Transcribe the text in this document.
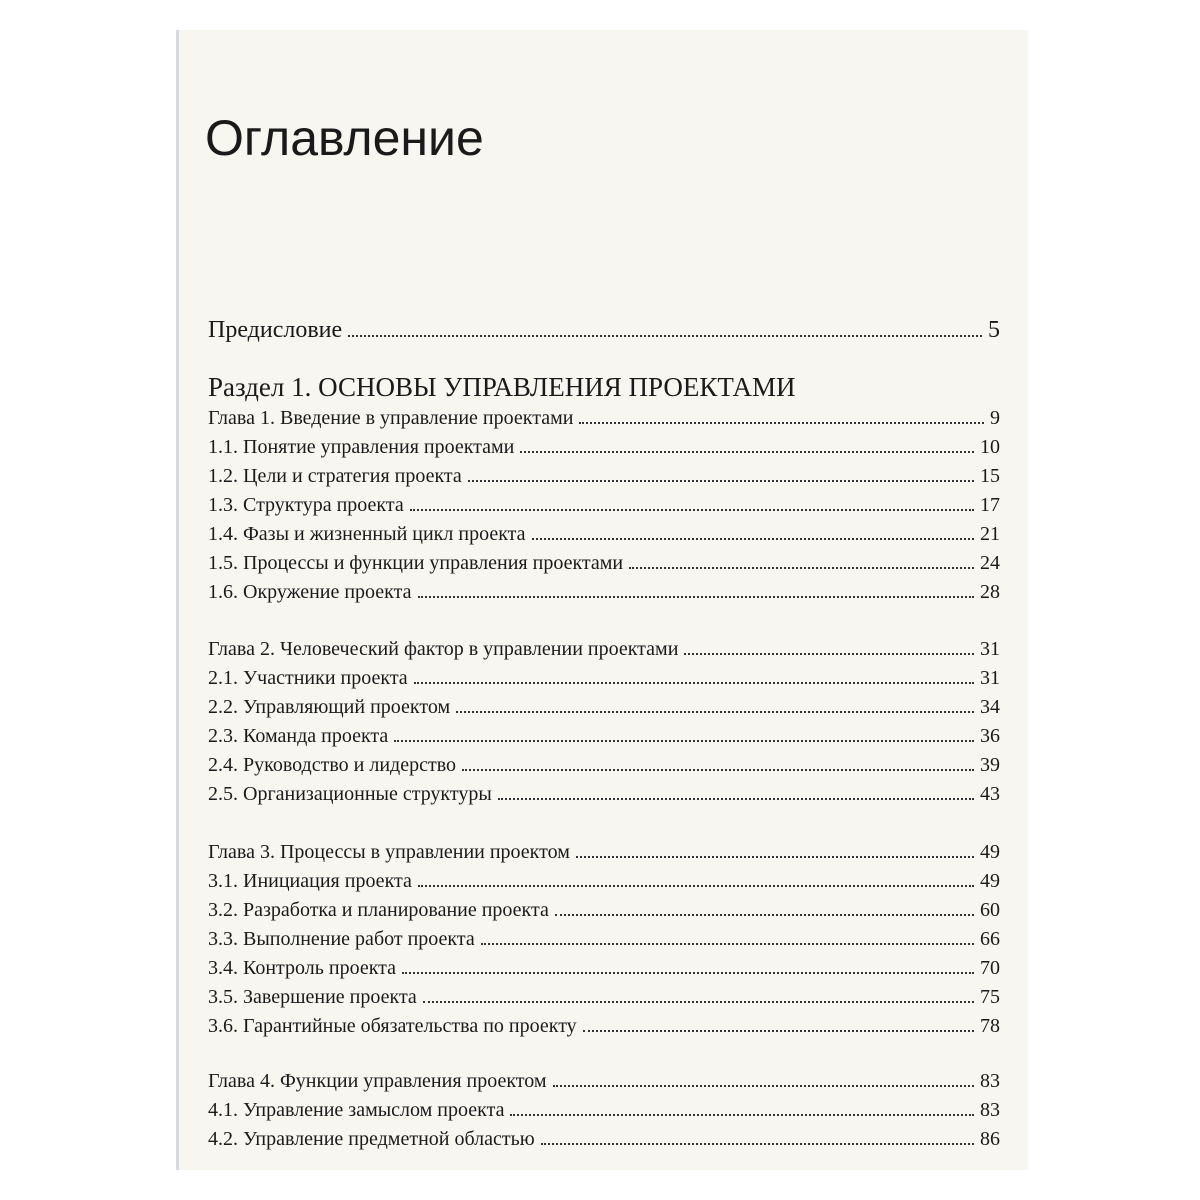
Оглавление
Предисловие	5
Раздел 1. ОСНОВЫ УПРАВЛЕНИЯ ПРОЕКТАМИ
Глава 1. Введение в управление проектами	9
1.1. Понятие управления проектами	10
1.2. Цели и стратегия проекта	15
1.3. Структура проекта	17
1.4. Фазы и жизненный цикл проекта	21
1.5. Процессы и функции управления проектами	24
1.6. Окружение проекта	28
Глава 2. Человеческий фактор в управлении проектами	31
2.1. Участники проекта	31
2.2. Управляющий проектом	34
2.3. Команда проекта	36
2.4. Руководство и лидерство	39
2.5. Организационные структуры	43
Глава 3. Процессы в управлении проектом	49
3.1. Инициация проекта	49
3.2. Разработка и планирование проекта	60
3.3. Выполнение работ проекта	66
3.4. Контроль проекта	70
3.5. Завершение проекта	75
3.6. Гарантийные обязательства по проекту	78
Глава 4. Функции управления проектом	83
4.1. Управление замыслом проекта	83
4.2. Управление предметной областью	86
